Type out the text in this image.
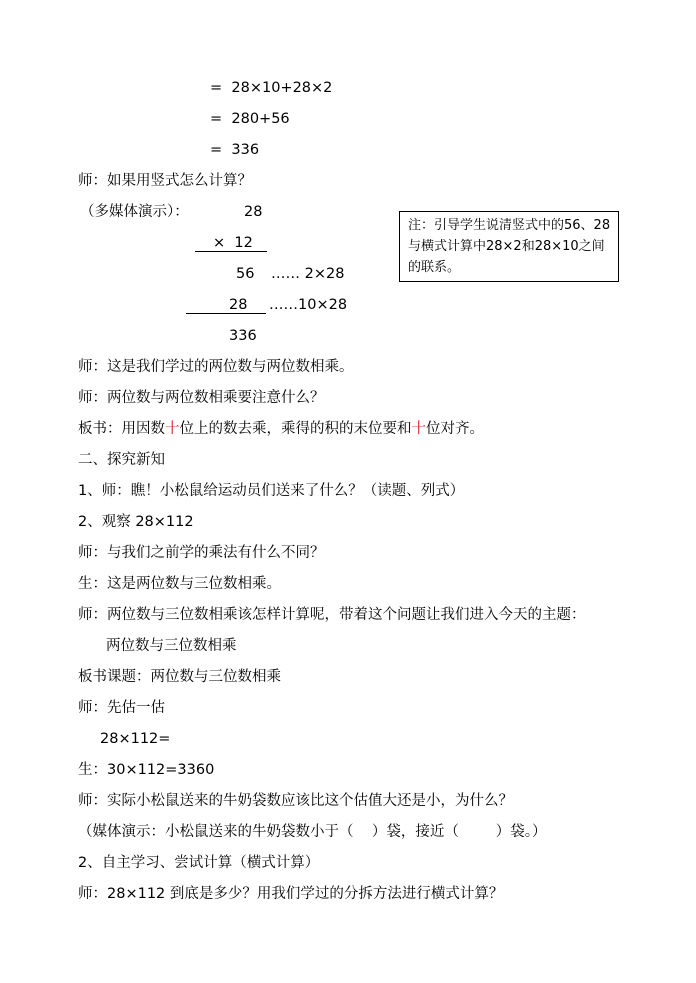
=  28×10+28×2
=  280+56
=  336
师：如果用竖式怎么计算？
（多媒体演示）：	28
×  12
56 …… 2×28
28 ……10×28
336
注：引导学生说清竖式中的56、28与横式计算中28×2和28×10之间的联系。
师：这是我们学过的两位数与两位数相乘。
师：两位数与两位数相乘要注意什么？
板书：用因数十位上的数去乘，乘得的积的末位要和十位对齐。
二、探究新知
1、师：瞧！小松鼠给运动员们送来了什么？（读题、列式）
2、观察 28×112
师：与我们之前学的乘法有什么不同？
生：这是两位数与三位数相乘。
师：两位数与三位数相乘该怎样计算呢，带着这个问题让我们进入今天的主题：
两位数与三位数相乘
板书课题：两位数与三位数相乘
师：先估一估
28×112=
生：30×112=3360
师：实际小松鼠送来的牛奶袋数应该比这个估值大还是小，为什么？
（媒体演示：小松鼠送来的牛奶袋数小于（    ）袋，接近（        ）袋。）
2、自主学习、尝试计算（横式计算）
师：28×112 到底是多少？用我们学过的分拆方法进行横式计算？
